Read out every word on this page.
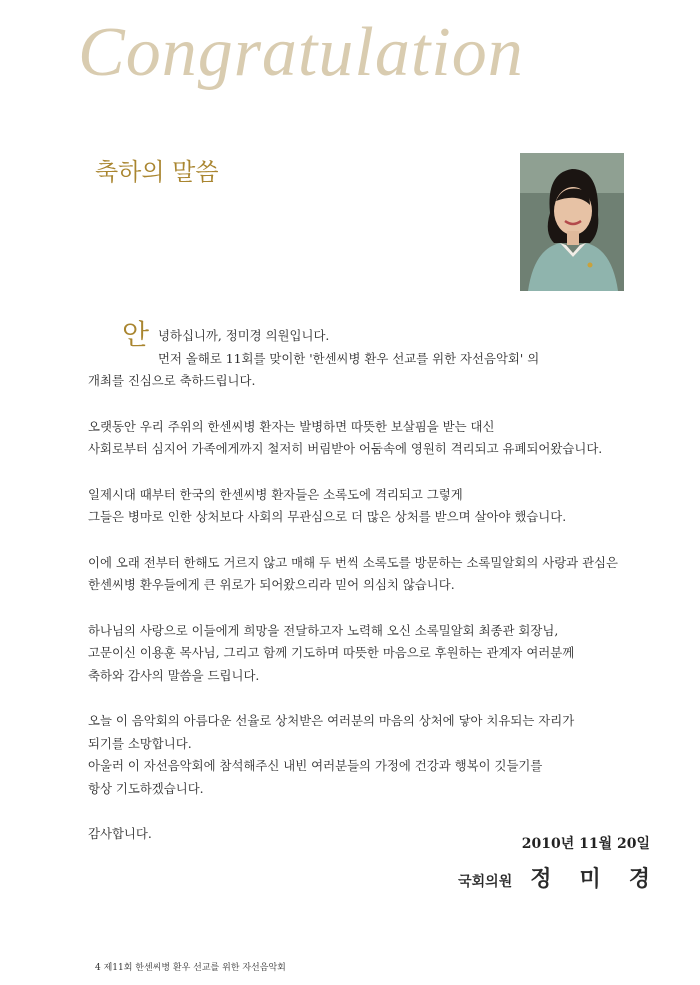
Congratulation
축하의 말씀
안 녕하십니까, 정미경 의원입니다.
먼저 올해로 11회를 맞이한 '한센씨병 환우 선교를 위한 자선음악회' 의
개최를 진심으로 축하드립니다.

오랫동안 우리 주위의 한센씨병 환자는 발병하면 따뜻한 보살핌을 받는 대신
사회로부터 심지어 가족에게까지 철저히 버림받아 어둠속에 영원히 격리되고 유폐되어왔습니다.

일제시대 때부터 한국의 한센씨병 환자들은 소록도에 격리되고 그렇게
그들은 병마로 인한 상처보다 사회의 무관심으로 더 많은 상처를 받으며 살아야 했습니다.

이에 오래 전부터 한해도 거르지 않고 매해 두 번씩 소록도를 방문하는 소록밀알회의 사랑과 관심은
한센씨병 환우들에게 큰 위로가 되어왔으리라 믿어 의심치 않습니다.

하나님의 사랑으로 이들에게 희망을 전달하고자 노력해 오신 소록밀알회 최종관 회장님,
고문이신 이용훈 목사님, 그리고 함께 기도하며 따뜻한 마음으로 후원하는 관계자 여러분께
축하와 감사의 말씀을 드립니다.

오늘 이 음악회의 아름다운 선율로 상처받은 여러분의 마음의 상처에 닿아 치유되는 자리가
되기를 소망합니다.
아울러 이 자선음악회에 참석해주신 내빈 여러분들의 가정에 건강과 행복이 깃들기를
항상 기도하겠습니다.

감사합니다.

2010년 11월 20일
국회의원 정미경
4 제11회 한센씨병 환우 선교를 위한 자선음악회
